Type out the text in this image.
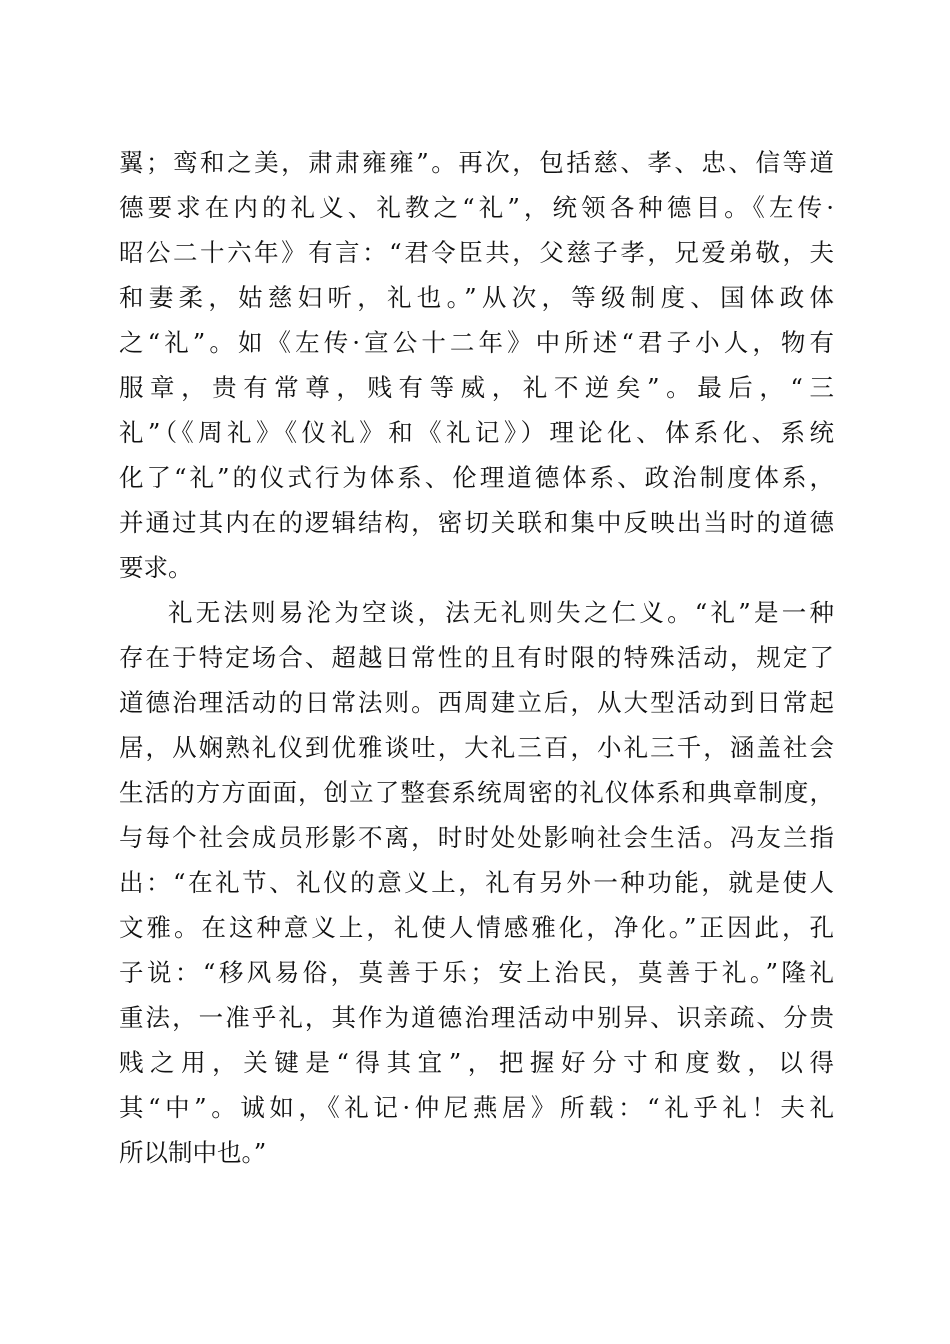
翼；鸾和之美，肃肃雍雍”。再次，包括慈、孝、忠、信等道
德要求在内的礼义、礼教之“礼”，统领各种德目。《左传·
昭公二十六年》有言：“君令臣共，父慈子孝，兄爱弟敬，夫
和妻柔，姑慈妇听，礼也。”从次，等级制度、国体政体
之“礼”。如《左传·宣公十二年》中所述“君子小人，物有
服章，贵有常尊，贱有等威，礼不逆矣”。最后，“三
礼”（《周礼》《仪礼》和《礼记》）理论化、体系化、系统
化了“礼”的仪式行为体系、伦理道德体系、政治制度体系，
并通过其内在的逻辑结构，密切关联和集中反映出当时的道德
要求。
礼无法则易沦为空谈，法无礼则失之仁义。“礼”是一种
存在于特定场合、超越日常性的且有时限的特殊活动，规定了
道德治理活动的日常法则。西周建立后，从大型活动到日常起
居，从娴熟礼仪到优雅谈吐，大礼三百，小礼三千，涵盖社会
生活的方方面面，创立了整套系统周密的礼仪体系和典章制度，
与每个社会成员形影不离，时时处处影响社会生活。冯友兰指
出：“在礼节、礼仪的意义上，礼有另外一种功能，就是使人
文雅。在这种意义上，礼使人情感雅化，净化。”正因此，孔
子说：“移风易俗，莫善于乐；安上治民，莫善于礼。”隆礼
重法，一准乎礼，其作为道德治理活动中别异、识亲疏、分贵
贱之用，关键是“得其宜”，把握好分寸和度数，以得
其“中”。诚如，《礼记·仲尼燕居》所载：“礼乎礼！夫礼
所以制中也。”
